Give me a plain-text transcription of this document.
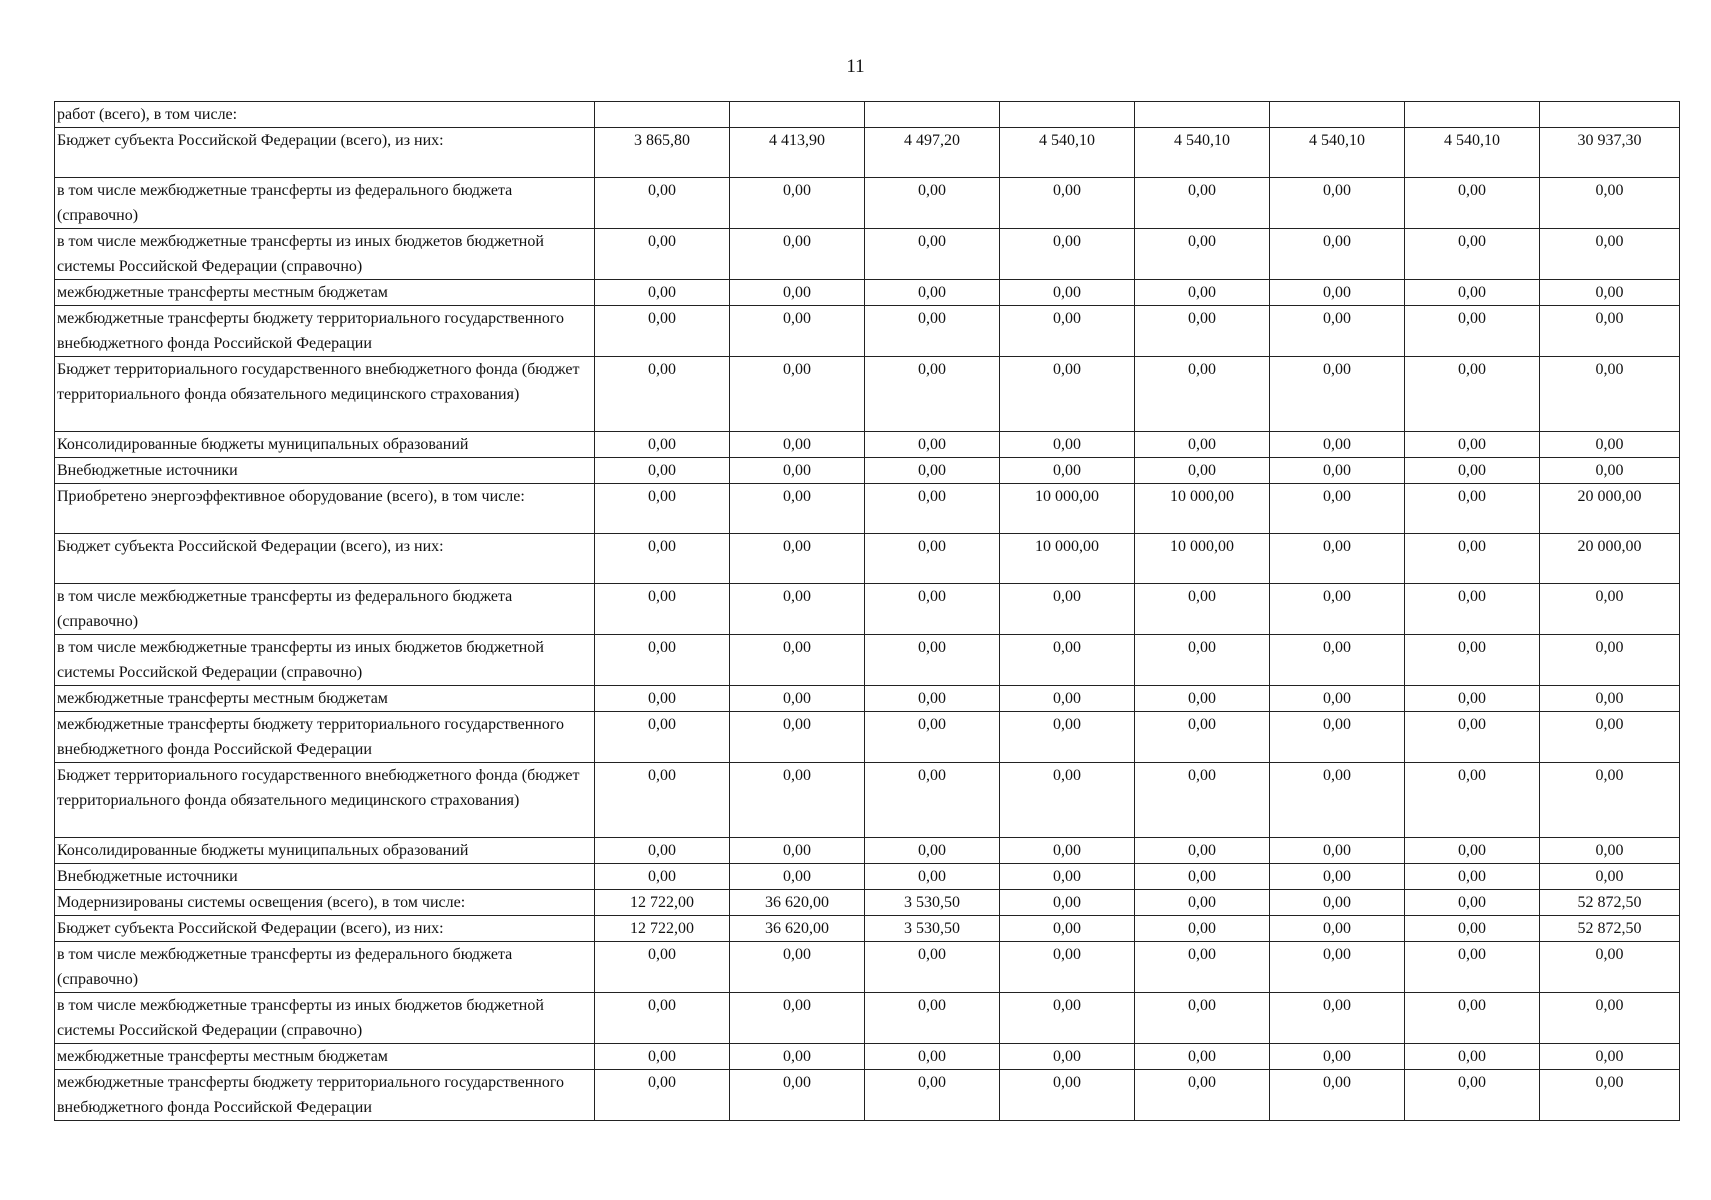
11
работ (всего), в том числе:								
Бюджет субъекта Российской Федерации (всего), из них:	3 865,80	4 413,90	4 497,20	4 540,10	4 540,10	4 540,10	4 540,10	30 937,30
в том числе межбюджетные трансферты из федерального бюджета (справочно)	0,00	0,00	0,00	0,00	0,00	0,00	0,00	0,00
в том числе межбюджетные трансферты из иных бюджетов бюджетной системы Российской Федерации (справочно)	0,00	0,00	0,00	0,00	0,00	0,00	0,00	0,00
межбюджетные трансферты местным бюджетам	0,00	0,00	0,00	0,00	0,00	0,00	0,00	0,00
межбюджетные трансферты бюджету территориального государственного внебюджетного фонда Российской Федерации	0,00	0,00	0,00	0,00	0,00	0,00	0,00	0,00
Бюджет территориального государственного внебюджетного фонда (бюджет территориального фонда обязательного медицинского страхования)	0,00	0,00	0,00	0,00	0,00	0,00	0,00	0,00
Консолидированные бюджеты муниципальных образований	0,00	0,00	0,00	0,00	0,00	0,00	0,00	0,00
Внебюджетные источники	0,00	0,00	0,00	0,00	0,00	0,00	0,00	0,00
Приобретено энергоэффективное оборудование (всего), в том числе:	0,00	0,00	0,00	10 000,00	10 000,00	0,00	0,00	20 000,00
Бюджет субъекта Российской Федерации (всего), из них:	0,00	0,00	0,00	10 000,00	10 000,00	0,00	0,00	20 000,00
в том числе межбюджетные трансферты из федерального бюджета (справочно)	0,00	0,00	0,00	0,00	0,00	0,00	0,00	0,00
в том числе межбюджетные трансферты из иных бюджетов бюджетной системы Российской Федерации (справочно)	0,00	0,00	0,00	0,00	0,00	0,00	0,00	0,00
межбюджетные трансферты местным бюджетам	0,00	0,00	0,00	0,00	0,00	0,00	0,00	0,00
межбюджетные трансферты бюджету территориального государственного внебюджетного фонда Российской Федерации	0,00	0,00	0,00	0,00	0,00	0,00	0,00	0,00
Бюджет территориального государственного внебюджетного фонда (бюджет территориального фонда обязательного медицинского страхования)	0,00	0,00	0,00	0,00	0,00	0,00	0,00	0,00
Консолидированные бюджеты муниципальных образований	0,00	0,00	0,00	0,00	0,00	0,00	0,00	0,00
Внебюджетные источники	0,00	0,00	0,00	0,00	0,00	0,00	0,00	0,00
Модернизированы системы освещения (всего), в том числе:	12 722,00	36 620,00	3 530,50	0,00	0,00	0,00	0,00	52 872,50
Бюджет субъекта Российской Федерации (всего), из них:	12 722,00	36 620,00	3 530,50	0,00	0,00	0,00	0,00	52 872,50
в том числе межбюджетные трансферты из федерального бюджета (справочно)	0,00	0,00	0,00	0,00	0,00	0,00	0,00	0,00
в том числе межбюджетные трансферты из иных бюджетов бюджетной системы Российской Федерации (справочно)	0,00	0,00	0,00	0,00	0,00	0,00	0,00	0,00
межбюджетные трансферты местным бюджетам	0,00	0,00	0,00	0,00	0,00	0,00	0,00	0,00
межбюджетные трансферты бюджету территориального государственного внебюджетного фонда Российской Федерации	0,00	0,00	0,00	0,00	0,00	0,00	0,00	0,00
